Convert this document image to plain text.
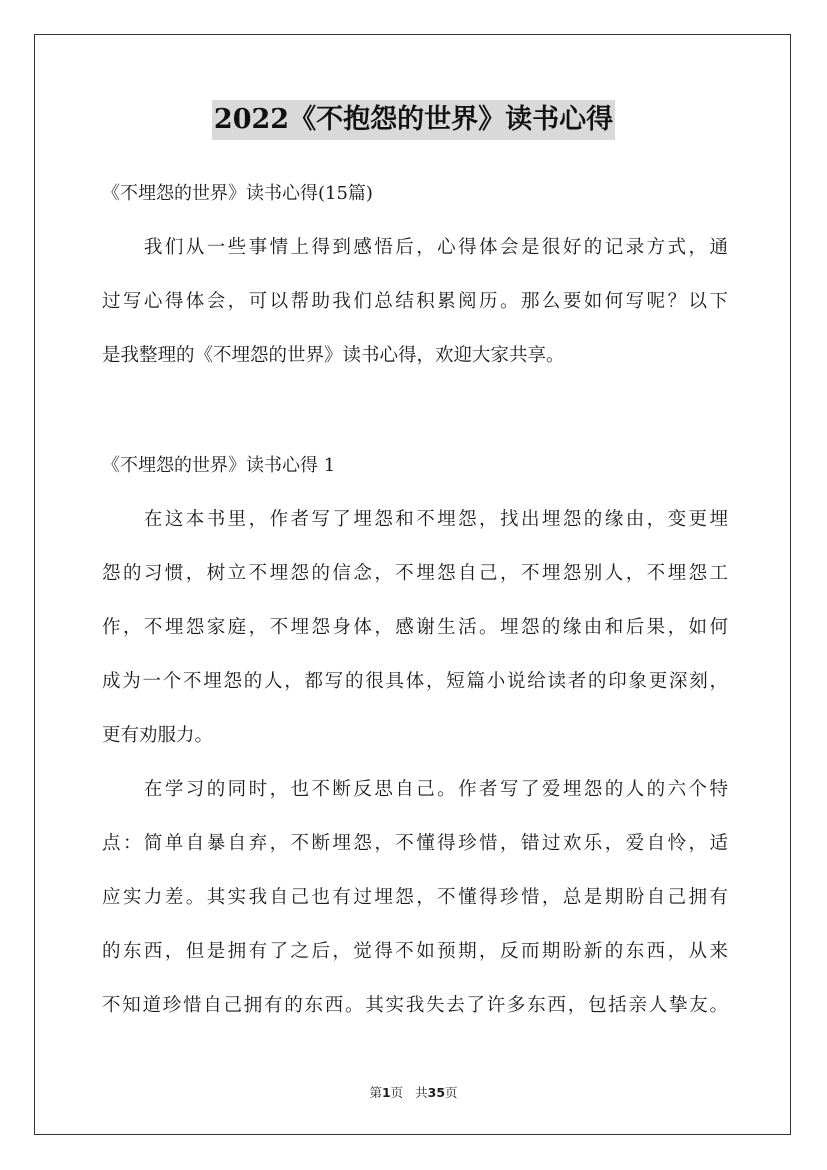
2022《不抱怨的世界》读书心得
《不埋怨的世界》读书心得(15篇)
　　我们从一些事情上得到感悟后，心得体会是很好的记录方式，通
过写心得体会，可以帮助我们总结积累阅历。那么要如何写呢？以下
是我整理的《不埋怨的世界》读书心得，欢迎大家共享。
《不埋怨的世界》读书心得 1
　　在这本书里，作者写了埋怨和不埋怨，找出埋怨的缘由，变更埋
怨的习惯，树立不埋怨的信念，不埋怨自己，不埋怨别人，不埋怨工
作，不埋怨家庭，不埋怨身体，感谢生活。埋怨的缘由和后果，如何
成为一个不埋怨的人，都写的很具体，短篇小说给读者的印象更深刻，
更有劝服力。
　　在学习的同时，也不断反思自己。作者写了爱埋怨的人的六个特
点：简单自暴自弃，不断埋怨，不懂得珍惜，错过欢乐，爱自怜，适
应实力差。其实我自己也有过埋怨，不懂得珍惜，总是期盼自己拥有
的东西，但是拥有了之后，觉得不如预期，反而期盼新的东西，从来
不知道珍惜自己拥有的东西。其实我失去了许多东西，包括亲人挚友。
第1页 共35页
